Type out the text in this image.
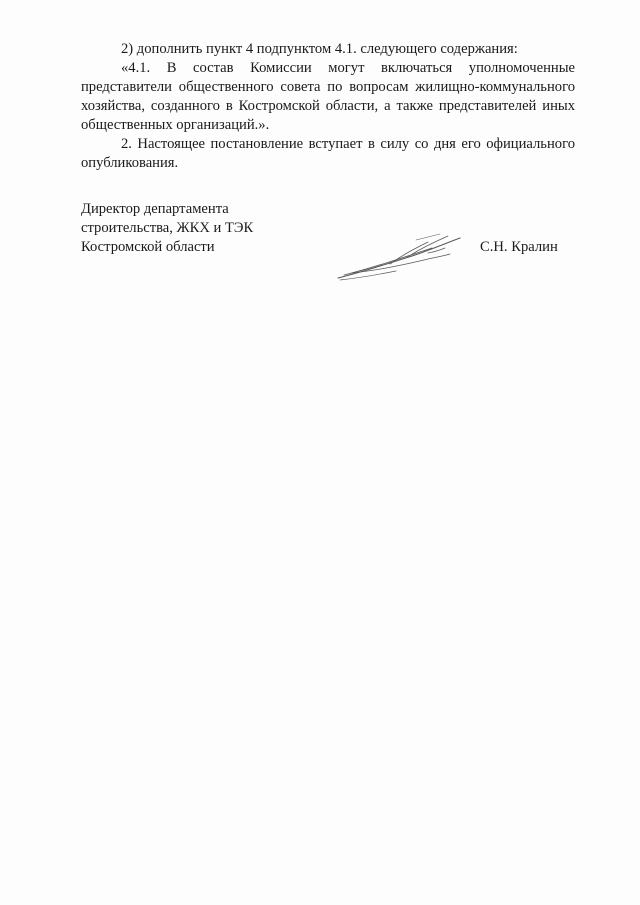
2) дополнить пункт 4 подпунктом 4.1. следующего содержания:

«4.1. В состав Комиссии могут включаться уполномоченные представители общественного совета по вопросам жилищно-коммунального хозяйства, созданного в Костромской области, а также представителей иных общественных организаций.».

2. Настоящее постановление вступает в силу со дня его официального опубликования.

Директор департамента
строительства, ЖКХ и ТЭК
Костромской области	С.Н. Кралин
